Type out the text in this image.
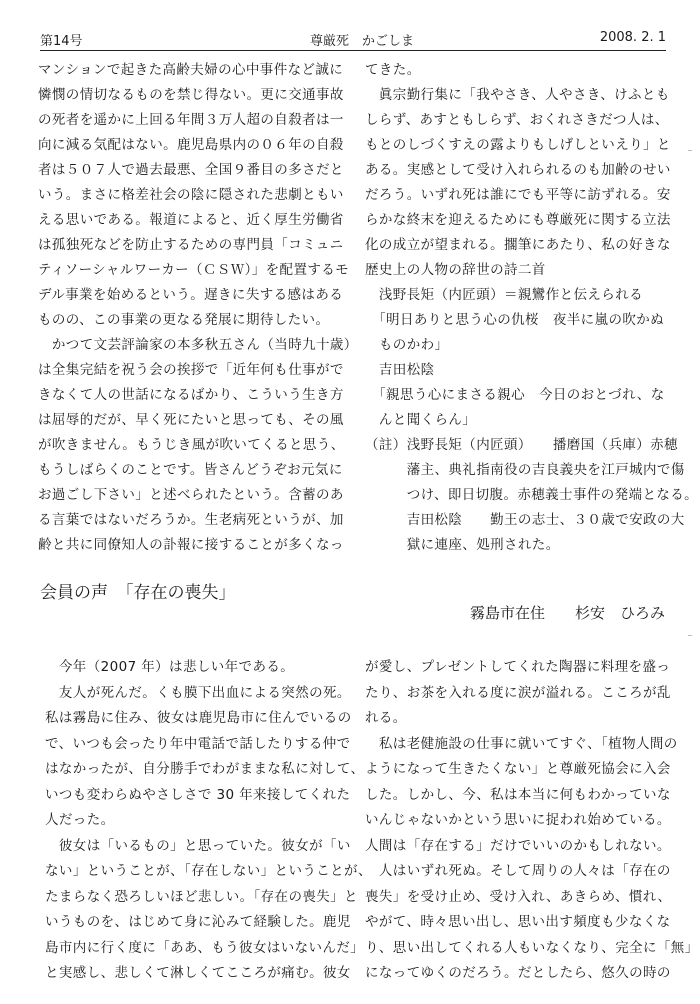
第14号	尊厳死　かごしま	2008. 2. 1

マンションで起きた高齢夫婦の心中事件など誠に

憐憫の情切なるものを禁じ得ない。更に交通事故

の死者を遥かに上回る年間３万人超の自殺者は一

向に減る気配はない。鹿児島県内の０６年の自殺

者は５０７人で過去最悪、全国９番目の多さだと

いう。まさに格差社会の陰に隠された悲劇ともい

える思いである。報道によると、近く厚生労働省

は孤独死などを防止するための専門員「コミュニ

ティソーシャルワーカー（ＣＳＷ）」を配置するモ

デル事業を始めるという。遅きに失する感はある

ものの、この事業の更なる発展に期待したい。

　かつて文芸評論家の本多秋五さん（当時九十歳）

は全集完結を祝う会の挨拶で「近年何も仕事がで

きなくて人の世話になるばかり、こういう生き方

は屈辱的だが、早く死にたいと思っても、その風

が吹きません。もうじき風が吹いてくると思う、

もうしばらくのことです。皆さんどうぞお元気に

お過ごし下さい」と述べられたという。含蓄のあ

る言葉ではないだろうか。生老病死というが、加

齢と共に同僚知人の訃報に接することが多くなっ

てきた。

　眞宗勤行集に「我やさき、人やさき、けふとも

しらず、あすともしらず、おくれさきだつ人は、

もとのしづくすえの露よりもしげしといえり」と

ある。実感として受け入れられるのも加齢のせい

だろう。いずれ死は誰にでも平等に訪ずれる。安

らかな終末を迎えるためにも尊厳死に関する立法

化の成立が望まれる。擱筆にあたり、私の好きな

歴史上の人物の辞世の詩二首

　浅野長矩（内匠頭）＝親鸞作と伝えられる

　「明日ありと思う心の仇桜　夜半に嵐の吹かぬ

　ものかわ」

　吉田松陰

　「親思う心にまさる親心　今日のおとづれ、な

　んと聞くらん」

（註）浅野長矩（内匠頭）　　播磨国（兵庫）赤穂

　　　藩主、典礼指南役の吉良義央を江戸城内で傷

　　　つけ、即日切腹。赤穂義士事件の発端となる。

　　　吉田松陰　　勤王の志士、３０歳で安政の大

　　　獄に連座、処刑された。

会員の声　「存在の喪失」
霧島市在住　　杉安　ひろみ

　今年（2007 年）は悲しい年である。

　友人が死んだ。くも膜下出血による突然の死。

私は霧島に住み、彼女は鹿児島市に住んでいるの

で、いつも会ったり年中電話で話したりする仲で

はなかったが、自分勝手でわがままな私に対して、

いつも変わらぬやさしさで 30 年来接してくれた

人だった。

　彼女は「いるもの」と思っていた。彼女が「い

ない」ということが、「存在しない」ということが、

たまらなく恐ろしいほど悲しい。「存在の喪失」と

いうものを、はじめて身に沁みて経験した。鹿児

島市内に行く度に「ああ、もう彼女はいないんだ」

と実感し、悲しくて淋しくてこころが痛む。彼女

が愛し、プレゼントしてくれた陶器に料理を盛っ

たり、お茶を入れる度に涙が溢れる。こころが乱

れる。

　私は老健施設の仕事に就いてすぐ、「植物人間の

ようになって生きたくない」と尊厳死協会に入会

した。しかし、今、私は本当に何もわかっていな

いんじゃないかという思いに捉われ始めている。

人間は「存在する」だけでいいのかもしれない。

　人はいずれ死ぬ。そして周りの人々は「存在の

喪失」を受け止め、受け入れ、あきらめ、慣れ、

やがて、時々思い出し、思い出す頻度も少なくな

り、思い出してくれる人もいなくなり、完全に「無」

になってゆくのだろう。だとしたら、悠久の時の
